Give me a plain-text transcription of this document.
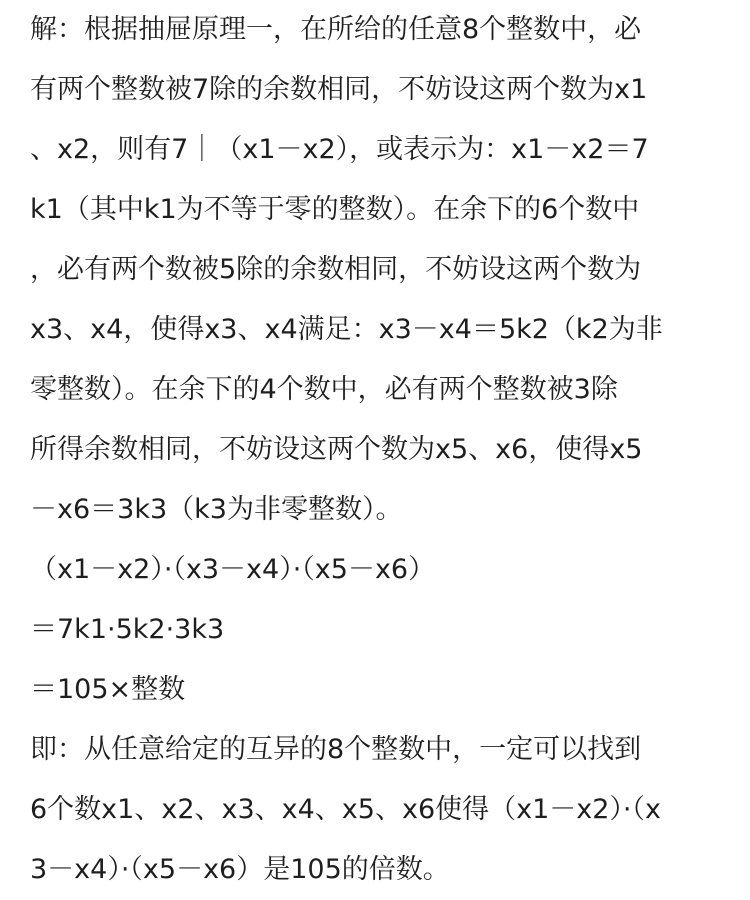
解：根据抽屉原理一，在所给的任意8个整数中，必
有两个整数被7除的余数相同，不妨设这两个数为x1
、x2，则有7｜（x1－x2），或表示为：x1－x2＝7
k1（其中k1为不等于零的整数）。在余下的6个数中
，必有两个数被5除的余数相同，不妨设这两个数为
x3、x4，使得x3、x4满足：x3－x4＝5k2（k2为非
零整数）。在余下的4个数中，必有两个整数被3除
所得余数相同，不妨设这两个数为x5、x6，使得x5
－x6＝3k3（k3为非零整数）。
（x1－x2）·（x3－x4）·（x5－x6）
＝7k1·5k2·3k3
＝105×整数
即：从任意给定的互异的8个整数中，一定可以找到
6个数x1、x2、x3、x4、x5、x6使得（x1－x2）·（x
3－x4）·（x5－x6）是105的倍数。
